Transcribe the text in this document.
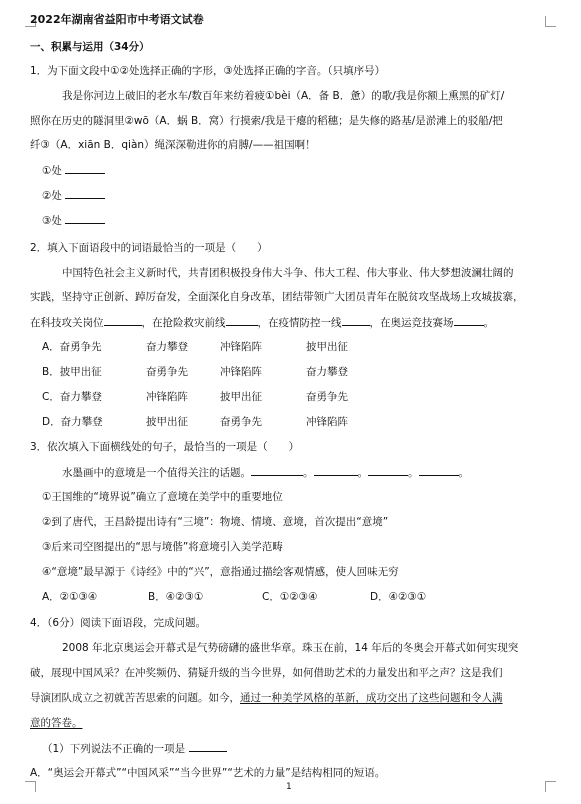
2022年湖南省益阳市中考语文试卷
一、积累与运用（34分）
1．为下面文段中①②处选择正确的字形，③处选择正确的字音。（只填序号）
我是你河边上破旧的老水车/数百年来纺着疲①bèi（A．备 B．惫）的歌/我是你额上熏黑的矿灯/
照你在历史的隧洞里②wō（A．蜗 B．窝）行摸索/我是干瘪的稻穗；是失修的路基/是淤滩上的驳船/把
纤③（A．xiān B．qiàn）绳深深勒进你的肩膊/——祖国啊！
①处
②处
③处
2．填入下面语段中的词语最恰当的一项是（　　）
中国特色社会主义新时代，共青团积极投身伟大斗争、伟大工程、伟大事业、伟大梦想波澜壮阔的
实践，坚持守正创新、踔厉奋发，全面深化自身改革，团结带领广大团员青年在脱贫攻坚战场上攻城拔寨，
在科技攻关岗位	，在抢险救灾前线	，在疫情防控一线	，在奥运竞技赛场	。
A．奋勇争先	奋力攀登	冲锋陷阵	披甲出征
B．披甲出征	奋勇争先	冲锋陷阵	奋力攀登
C．奋力攀登	冲锋陷阵	披甲出征	奋勇争先
D．奋力攀登	披甲出征	奋勇争先	冲锋陷阵
3．依次填入下面横线处的句子，最恰当的一项是（　　）
水墨画中的意境是一个值得关注的话题。	。	。	。	。
①王国维的“境界说”确立了意境在美学中的重要地位
②到了唐代，王昌龄提出诗有“三境”：物境、情境、意境，首次提出“意境”
③后来司空图提出的“思与境偕”将意境引入美学范畴
④“意境”最早源于《诗经》中的“兴”，意指通过描绘客观情感，使人回味无穷
A．②①③④	B．④②③①	C．①②③④	D．④②③①
4．（6分）阅读下面语段，完成问题。
2008 年北京奥运会开幕式是气势磅礴的盛世华章。珠玉在前，14 年后的冬奥会开幕式如何实现突
破，展现中国风采？在冲奖频仍、猜疑升级的当今世界，如何借助艺术的力量发出和平之声？这是我们
导演团队成立之初就苦苦思索的问题。如今，通过一种美学风格的革新，成功交出了这些问题和令人满
意的答卷。
（1）下列说法不正确的一项是
A．“奥运会开幕式”“中国风采”“当今世界”“艺术的力量”是结构相同的短语。
1
